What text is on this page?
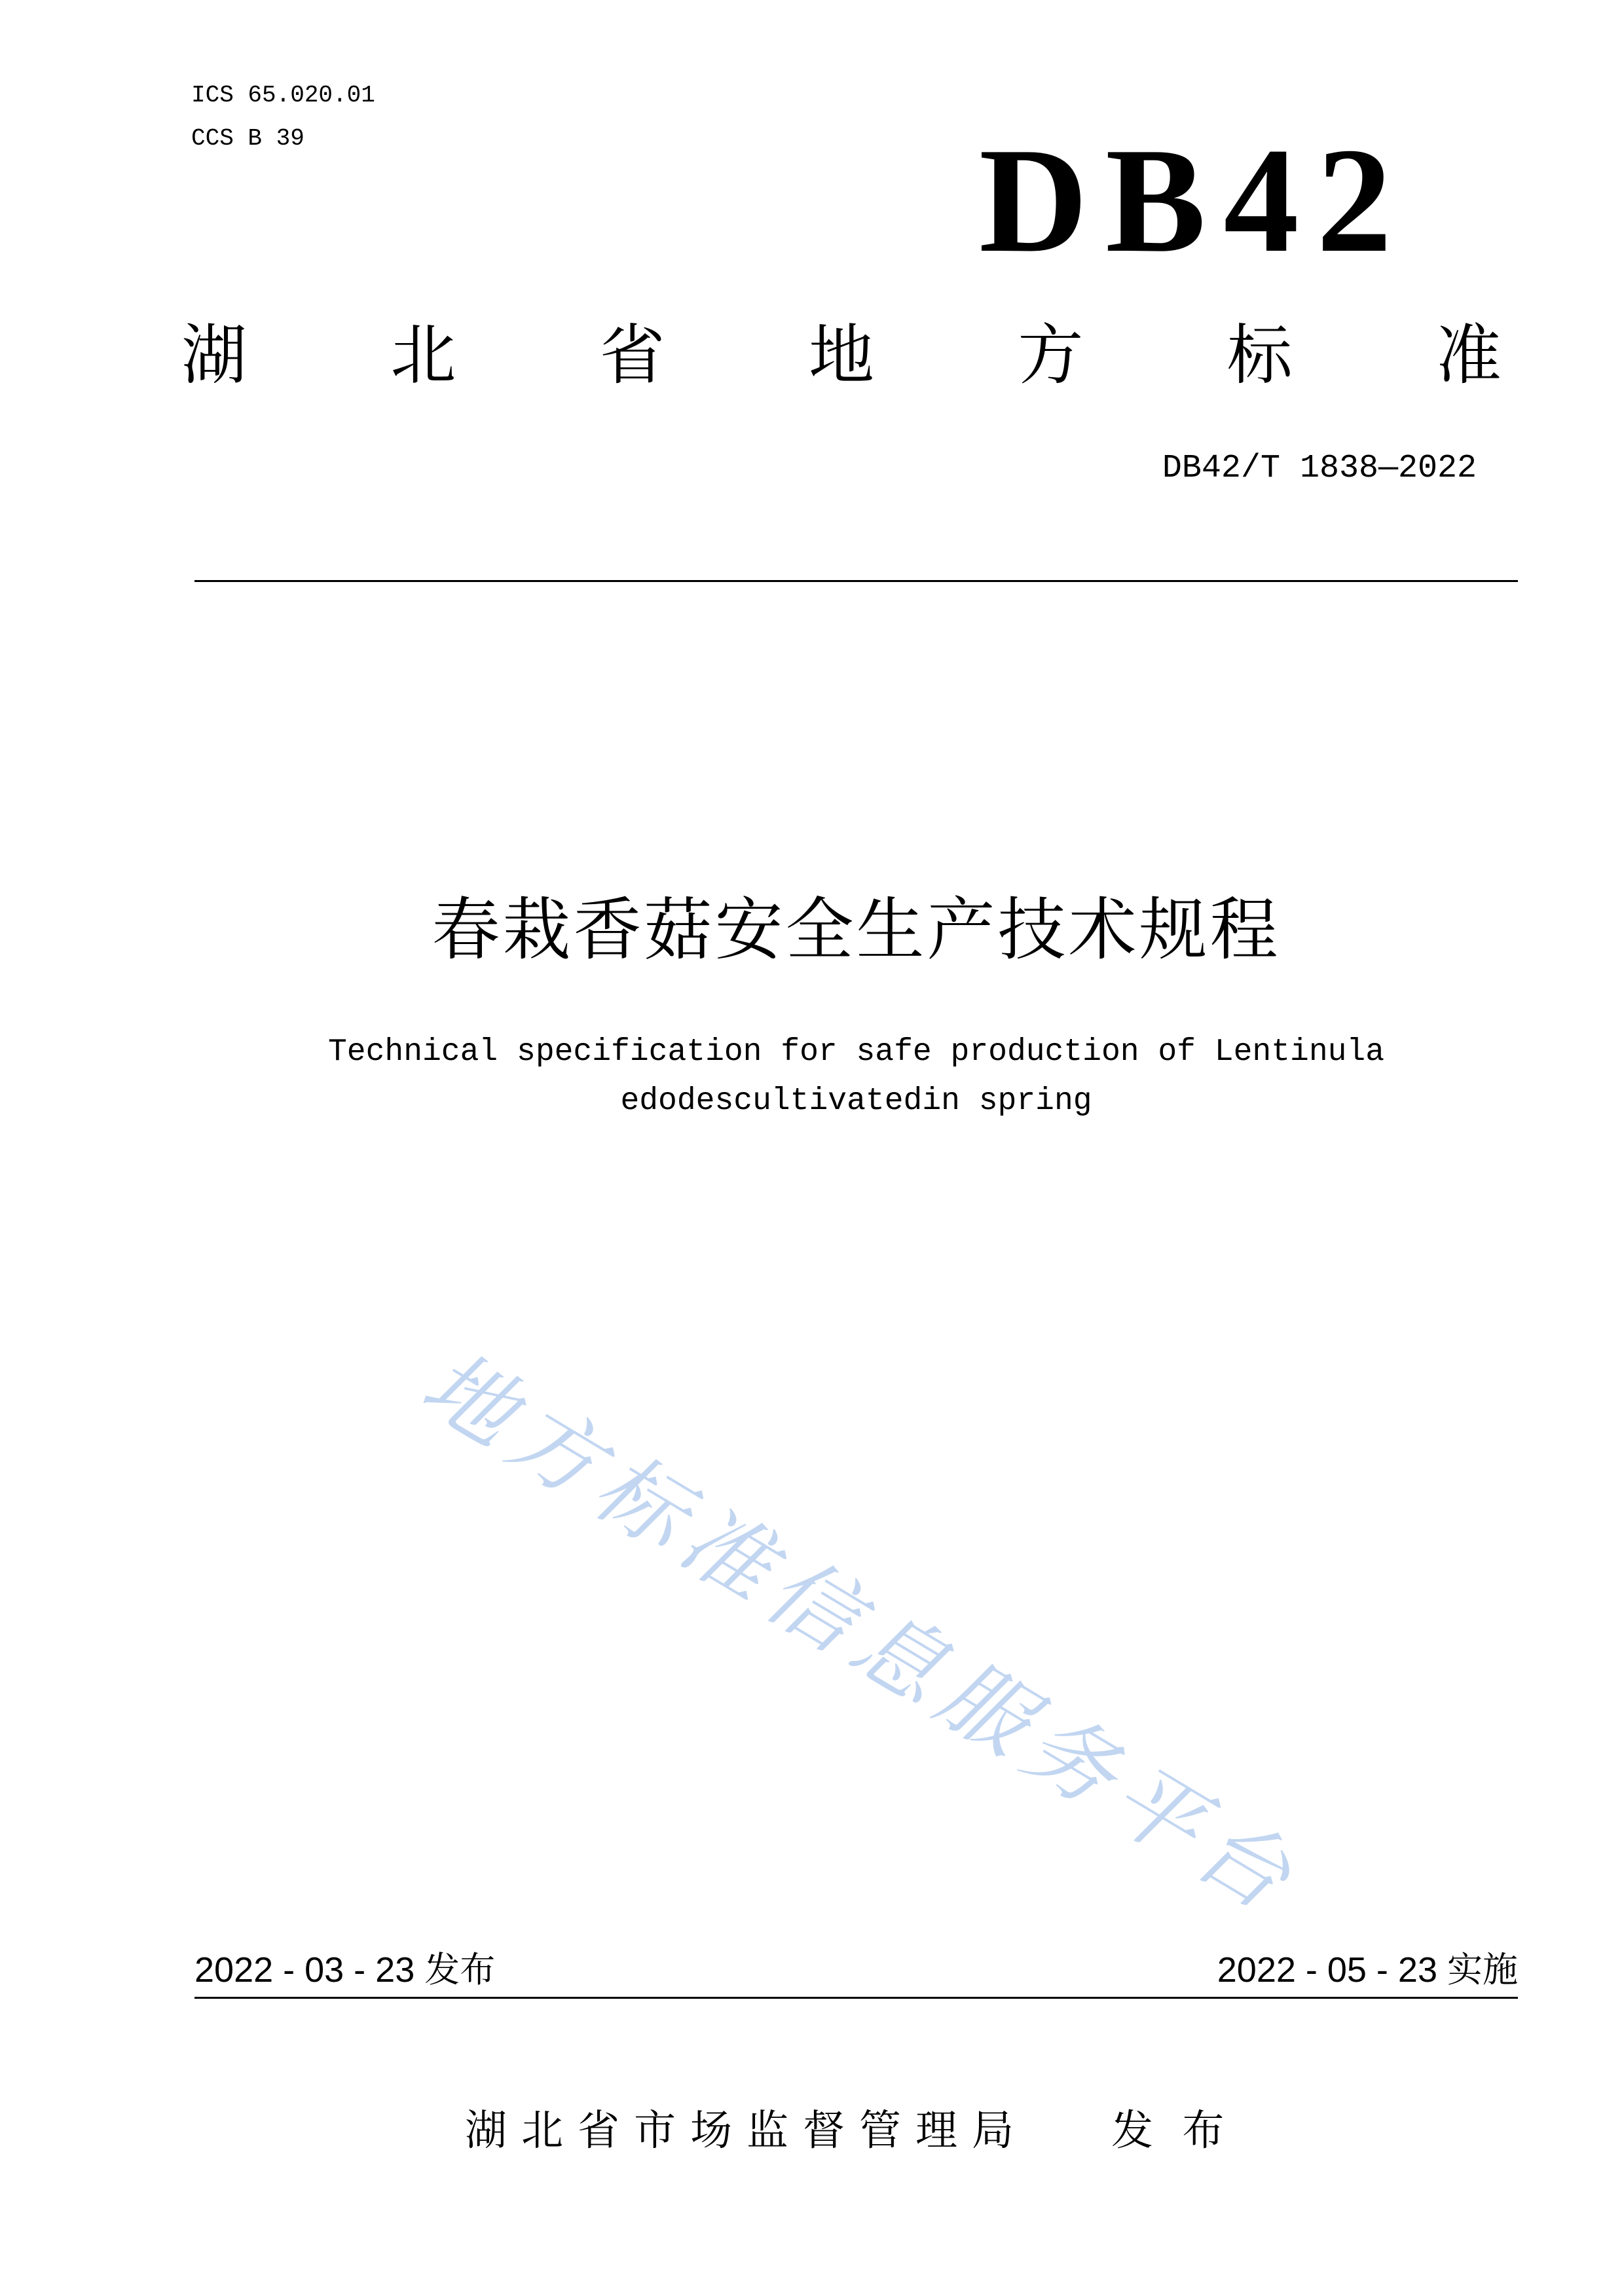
ICS 65.020.01
CCS B 39	DB42
湖 北 省 地 方 标 准
DB42/T 1838—2022
春栽香菇安全生产技术规程
Technical specification for safe production of Lentinula
edodescultivatedin spring
地方标准信息服务平台
2022 - 03 - 23 发布	2022 - 05 - 23 实施
湖北省市场监督管理局 发 布
